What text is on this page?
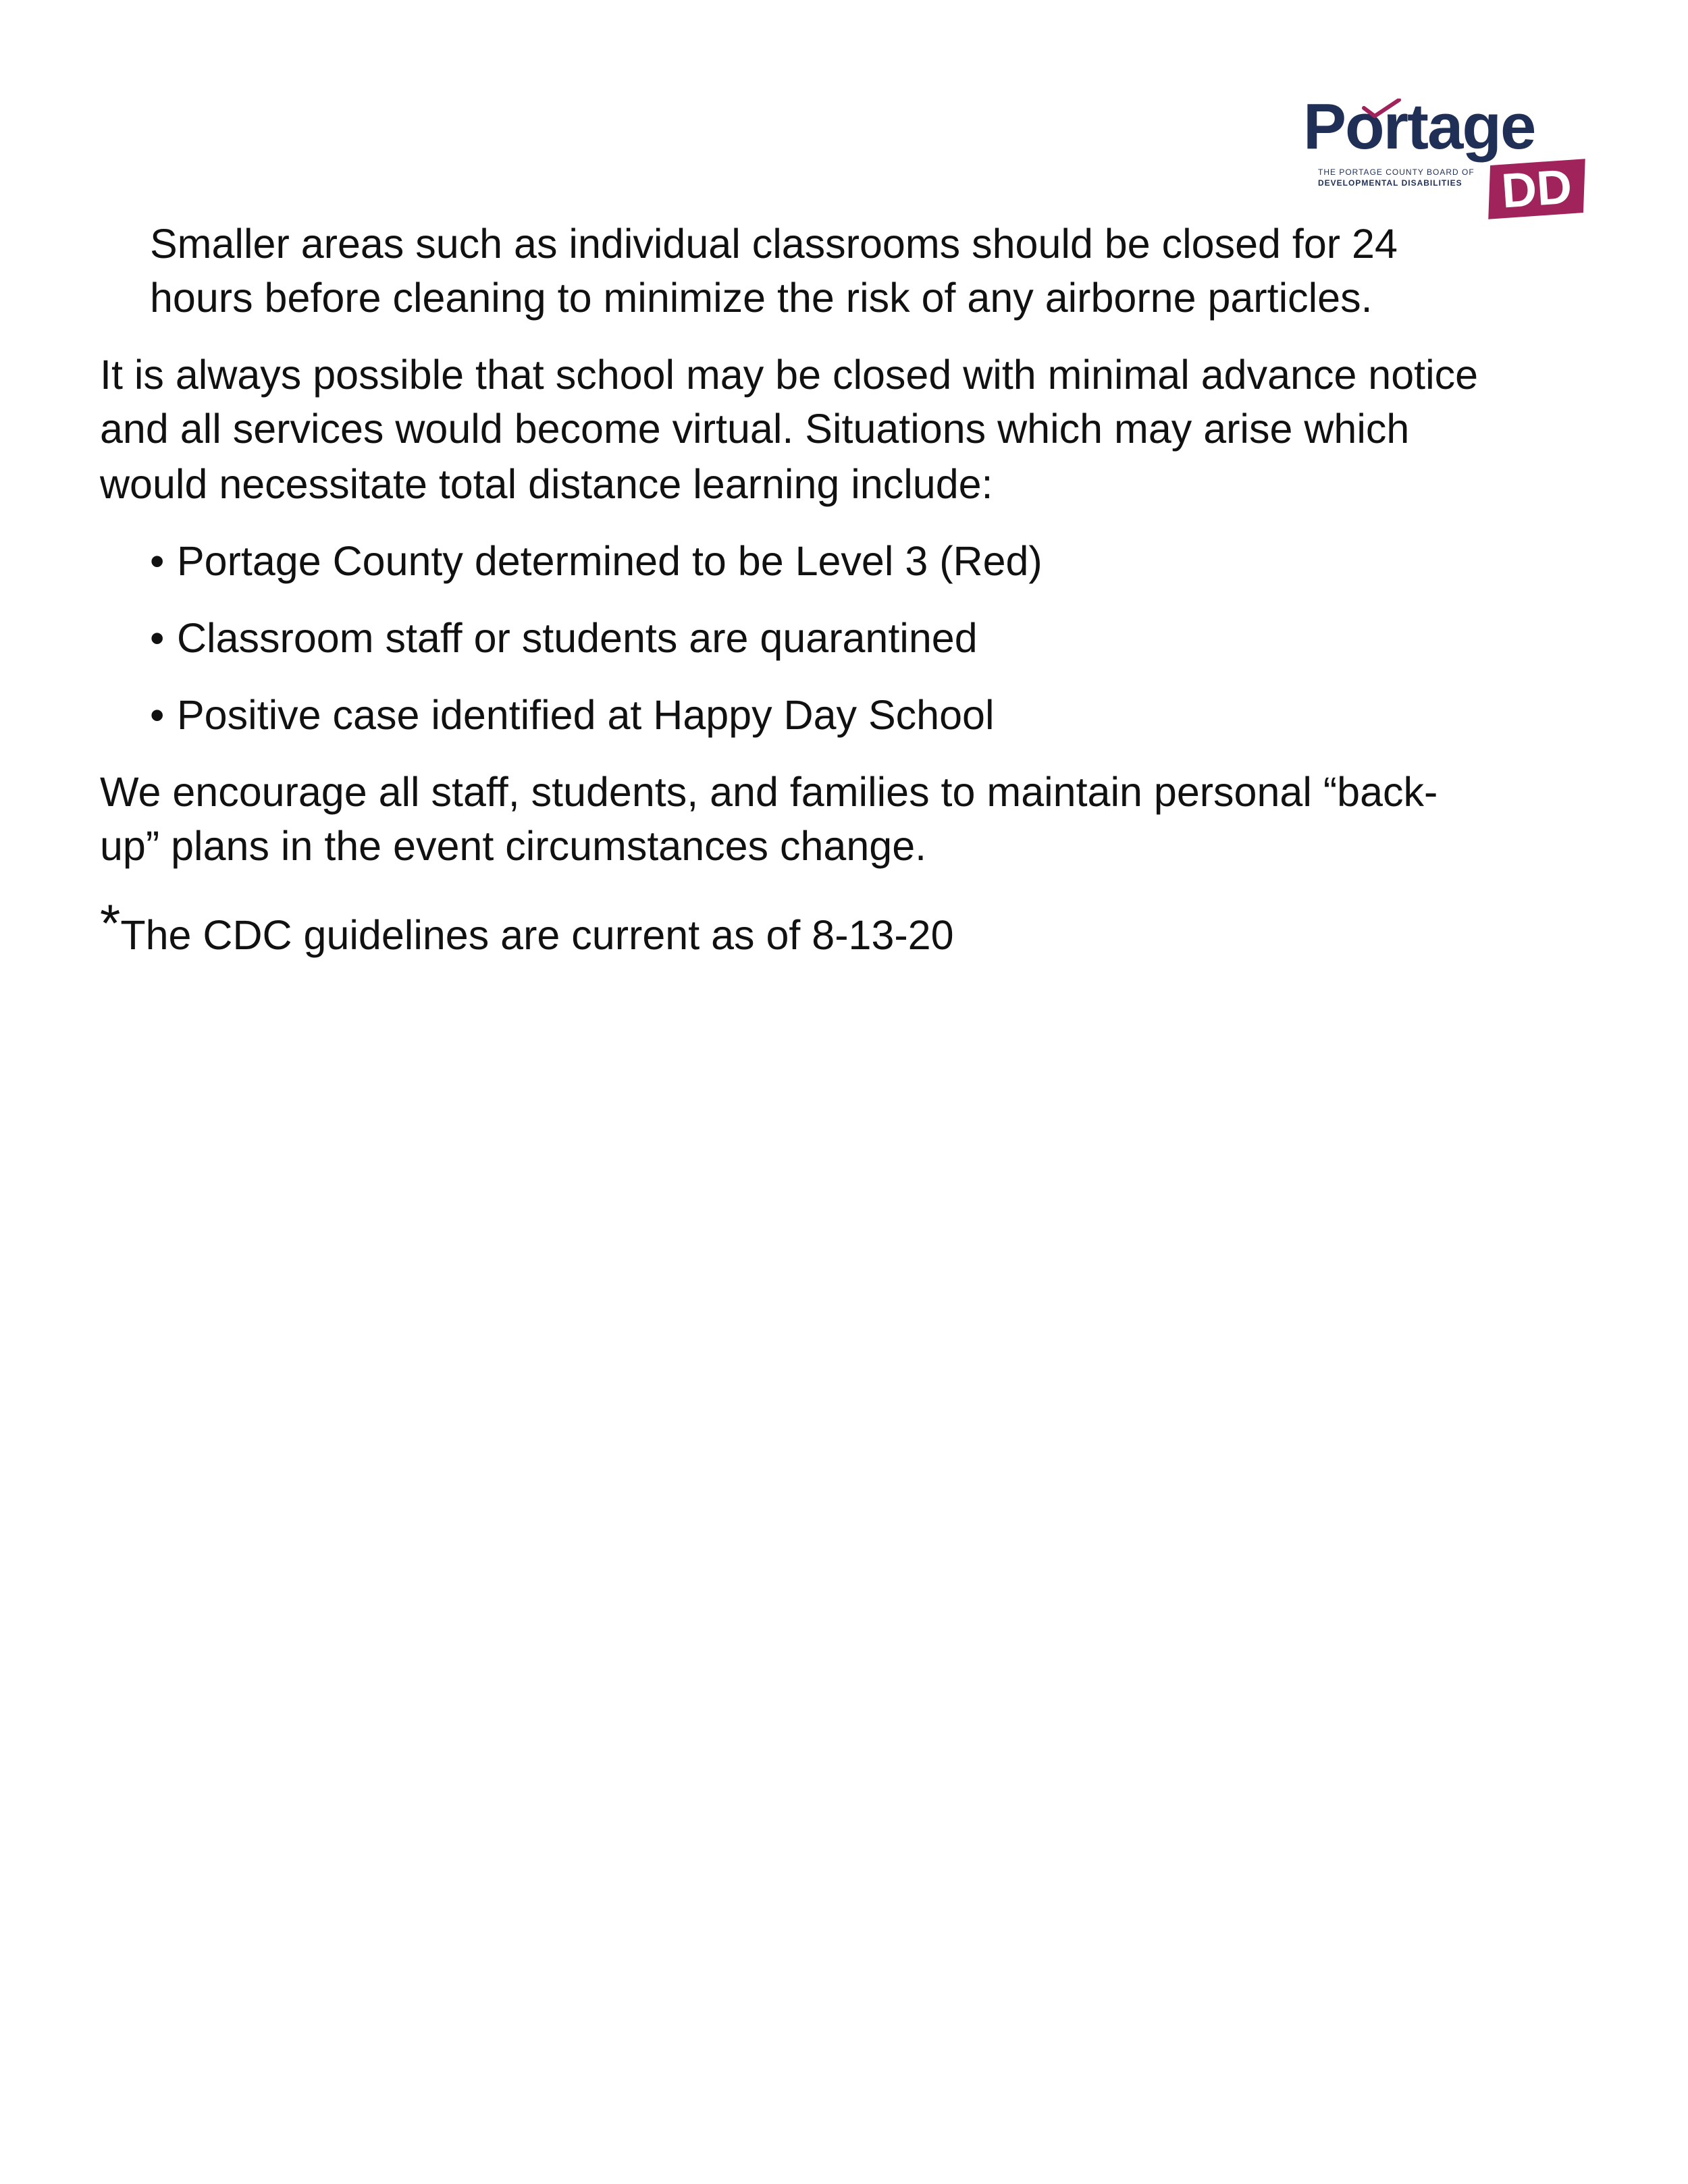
Portage
THE PORTAGE COUNTY BOARD OF
DEVELOPMENTAL DISABILITIES DD

Smaller areas such as individual classrooms should be closed for 24

hours before cleaning to minimize the risk of any airborne particles.

It is always possible that school may be closed with minimal advance notice

and all services would become virtual. Situations which may arise which

would necessitate total distance learning include:

• Portage County determined to be Level 3 (Red)
• Classroom staff or students are quarantined
• Positive case identified at Happy Day School

We encourage all staff, students, and families to maintain personal “back-

up” plans in the event circumstances change.

*The CDC guidelines are current as of 8-13-20
